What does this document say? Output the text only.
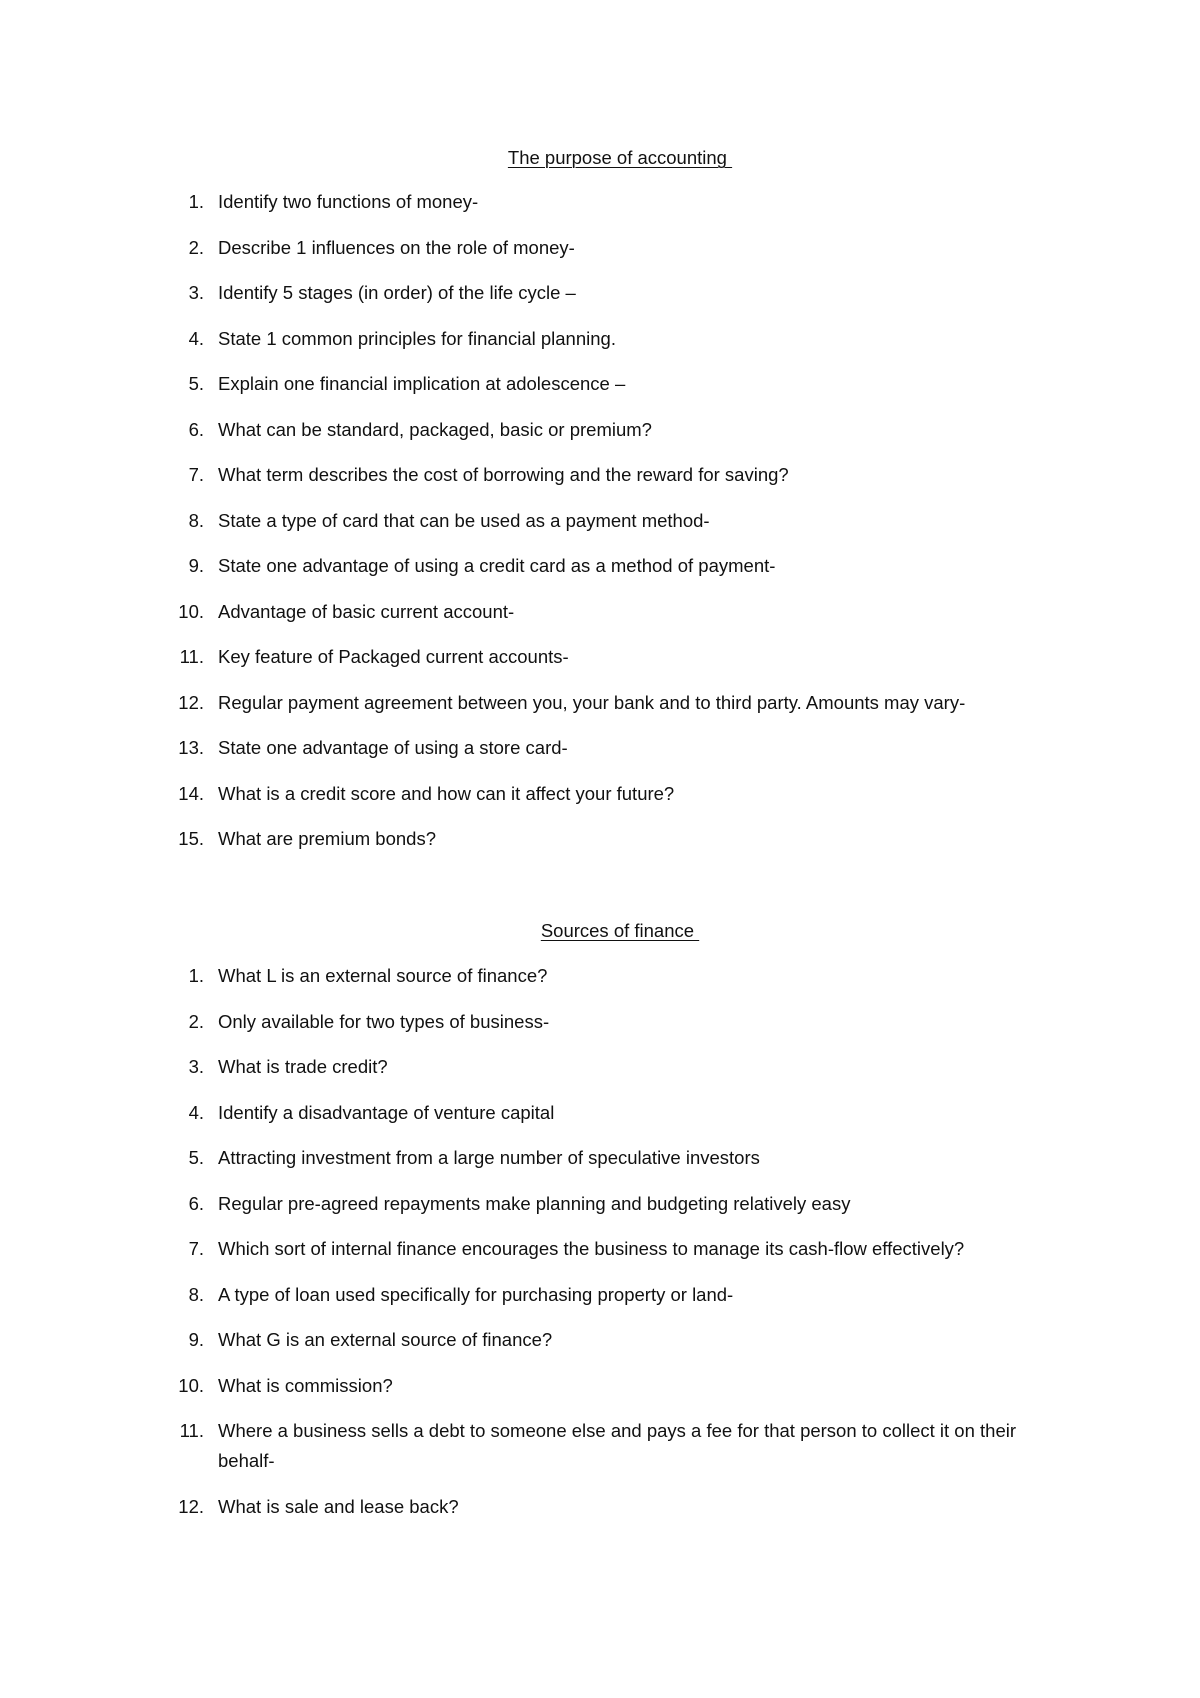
The purpose of accounting
1. Identify two functions of money-
2. Describe 1 influences on the role of money-
3. Identify 5 stages (in order) of the life cycle –
4. State 1 common principles for financial planning.
5. Explain one financial implication at adolescence –
6. What can be standard, packaged, basic or premium?
7. What term describes the cost of borrowing and the reward for saving?
8. State a type of card that can be used as a payment method-
9. State one advantage of using a credit card as a method of payment-
10. Advantage of basic current account-
11. Key feature of Packaged current accounts-
12. Regular payment agreement between you, your bank and to third party. Amounts may vary-
13. State one advantage of using a store card-
14. What is a credit score and how can it affect your future?
15. What are premium bonds?
Sources of finance
1. What L is an external source of finance?
2. Only available for two types of business-
3. What is trade credit?
4. Identify a disadvantage of venture capital
5. Attracting investment from a large number of speculative investors
6. Regular pre-agreed repayments make planning and budgeting relatively easy
7. Which sort of internal finance encourages the business to manage its cash-flow effectively?
8. A type of loan used specifically for purchasing property or land-
9. What G is an external source of finance?
10. What is commission?
11. Where a business sells a debt to someone else and pays a fee for that person to collect it on their behalf-
12. What is sale and lease back?
